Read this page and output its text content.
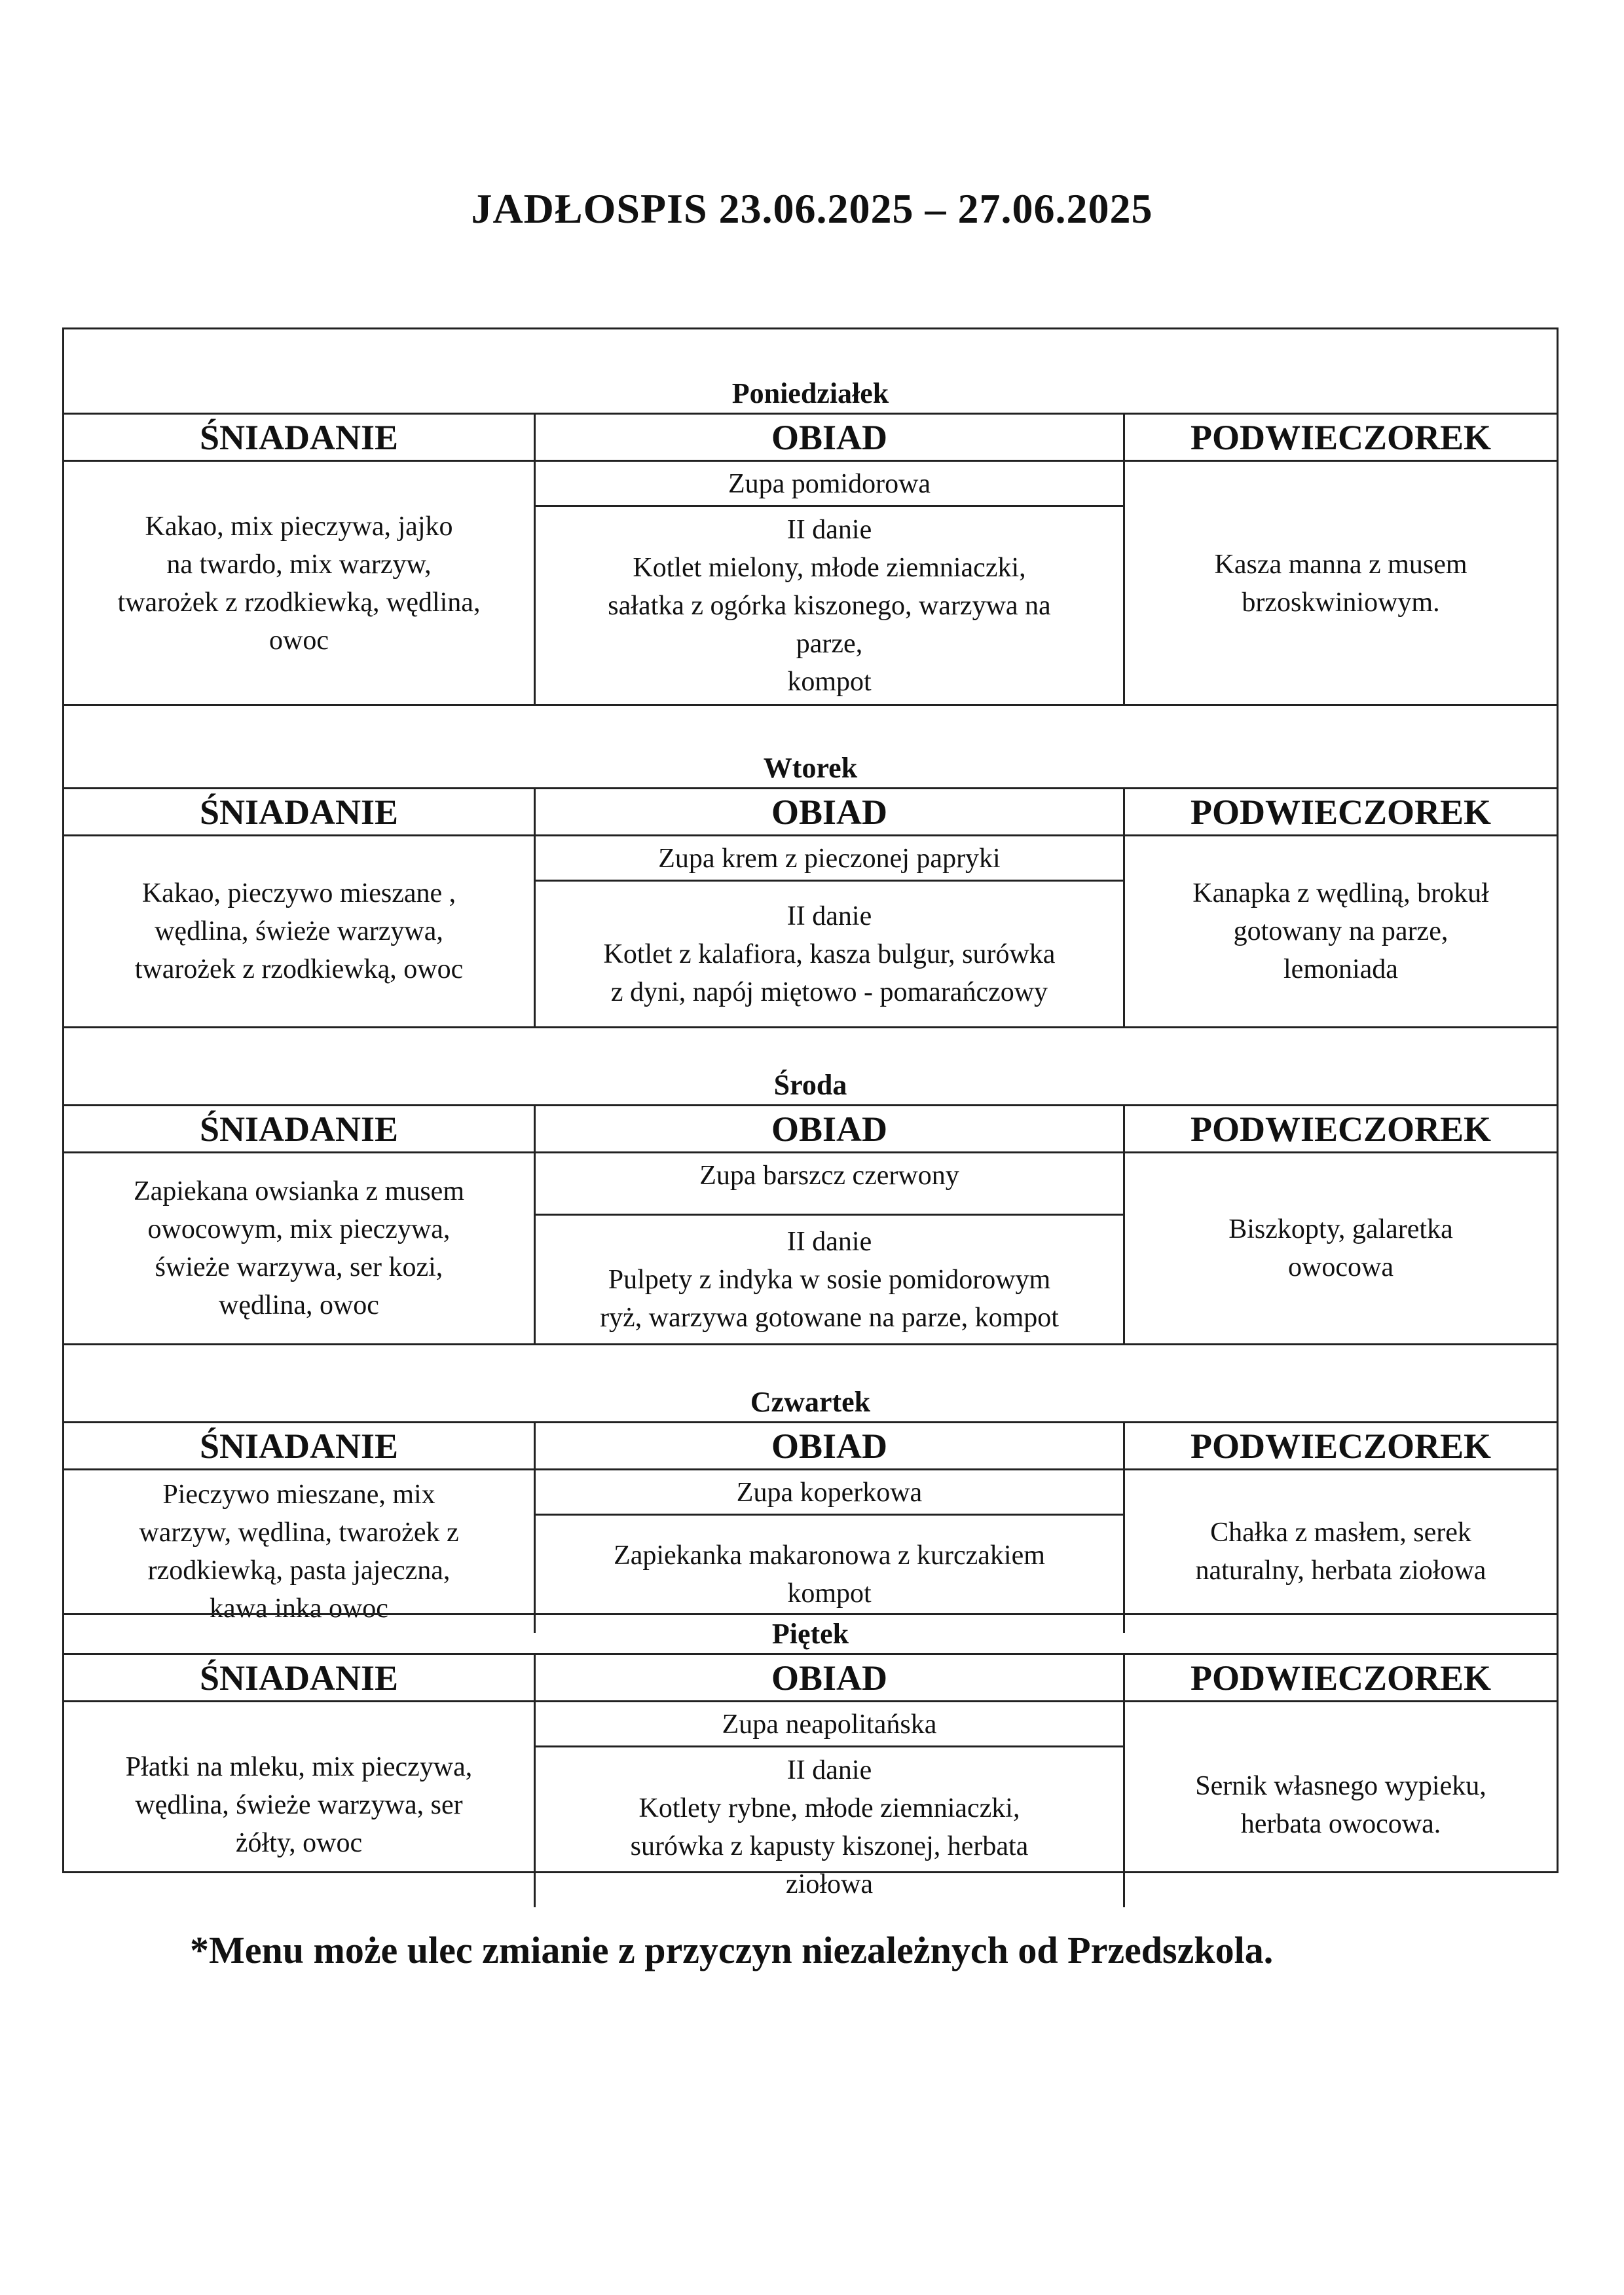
JADŁOSPIS 23.06.2025 – 27.06.2025
Poniedziałek
ŚNIADANIE
Kakao, mix pieczywa, jajko
na twardo, mix warzyw,
twarożek z rzodkiewką, wędlina,
owoc
OBIAD
Zupa pomidorowa
II danie
Kotlet mielony, młode ziemniaczki,
sałatka z ogórka kiszonego, warzywa na
parze,
kompot
PODWIECZOREK
Kasza manna z musem
brzoskwiniowym.
Wtorek
ŚNIADANIE
Kakao, pieczywo mieszane ,
wędlina, świeże warzywa,
twarożek z rzodkiewką, owoc
OBIAD
Zupa krem z pieczonej papryki
II danie
Kotlet z kalafiora, kasza bulgur, surówka
z dyni, napój miętowo - pomarańczowy
PODWIECZOREK
Kanapka z wędliną, brokuł
gotowany na parze,
lemoniada
Środa
ŚNIADANIE
Zapiekana owsianka z musem
owocowym, mix pieczywa,
świeże warzywa, ser kozi,
wędlina, owoc
OBIAD
Zupa barszcz czerwony
II danie
Pulpety z indyka w sosie pomidorowym
ryż, warzywa gotowane na parze, kompot
PODWIECZOREK
Biszkopty, galaretka
owocowa
Czwartek
ŚNIADANIE
Pieczywo mieszane, mix
warzyw, wędlina, twarożek z
rzodkiewką, pasta jajeczna,
kawa inka owoc
OBIAD
Zupa koperkowa
Zapiekanka makaronowa z kurczakiem
kompot
PODWIECZOREK
Chałka z masłem, serek
naturalny, herbata ziołowa
Piętek
ŚNIADANIE
Płatki na mleku, mix pieczywa,
wędlina, świeże warzywa, ser
żółty, owoc
OBIAD
Zupa neapolitańska
II danie
Kotlety rybne, młode ziemniaczki,
surówka z kapusty kiszonej, herbata
ziołowa
PODWIECZOREK
Sernik własnego wypieku,
herbata owocowa.
*Menu może ulec zmianie z przyczyn niezależnych od Przedszkola.
